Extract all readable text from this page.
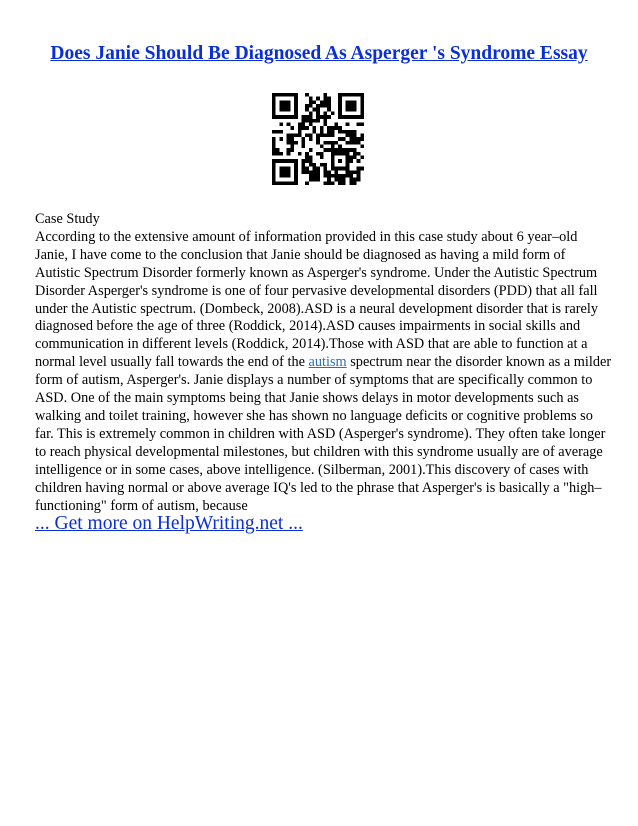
Does Janie Should Be Diagnosed As Asperger 's Syndrome Essay
Case Study
According to the extensive amount of information provided in this case study about 6 year–old
Janie, I have come to the conclusion that Janie should be diagnosed as having a mild form of
Autistic Spectrum Disorder formerly known as Asperger's syndrome. Under the Autistic Spectrum
Disorder Asperger's syndrome is one of four pervasive developmental disorders (PDD) that all fall
under the Autistic spectrum. (Dombeck, 2008).ASD is a neural development disorder that is rarely
diagnosed before the age of three (Roddick, 2014).ASD causes impairments in social skills and
communication in different levels (Roddick, 2014).Those with ASD that are able to function at a
normal level usually fall towards the end of the autism spectrum near the disorder known as a milder
form of autism, Asperger's. Janie displays a number of symptoms that are specifically common to
ASD. One of the main symptoms being that Janie shows delays in motor developments such as
walking and toilet training, however she has shown no language deficits or cognitive problems so
far. This is extremely common in children with ASD (Asperger's syndrome). They often take longer
to reach physical developmental milestones, but children with this syndrome usually are of average
intelligence or in some cases, above intelligence. (Silberman, 2001).This discovery of cases with
children having normal or above average IQ's led to the phrase that Asperger's is basically a "high–
functioning" form of autism, because
... Get more on HelpWriting.net ...
